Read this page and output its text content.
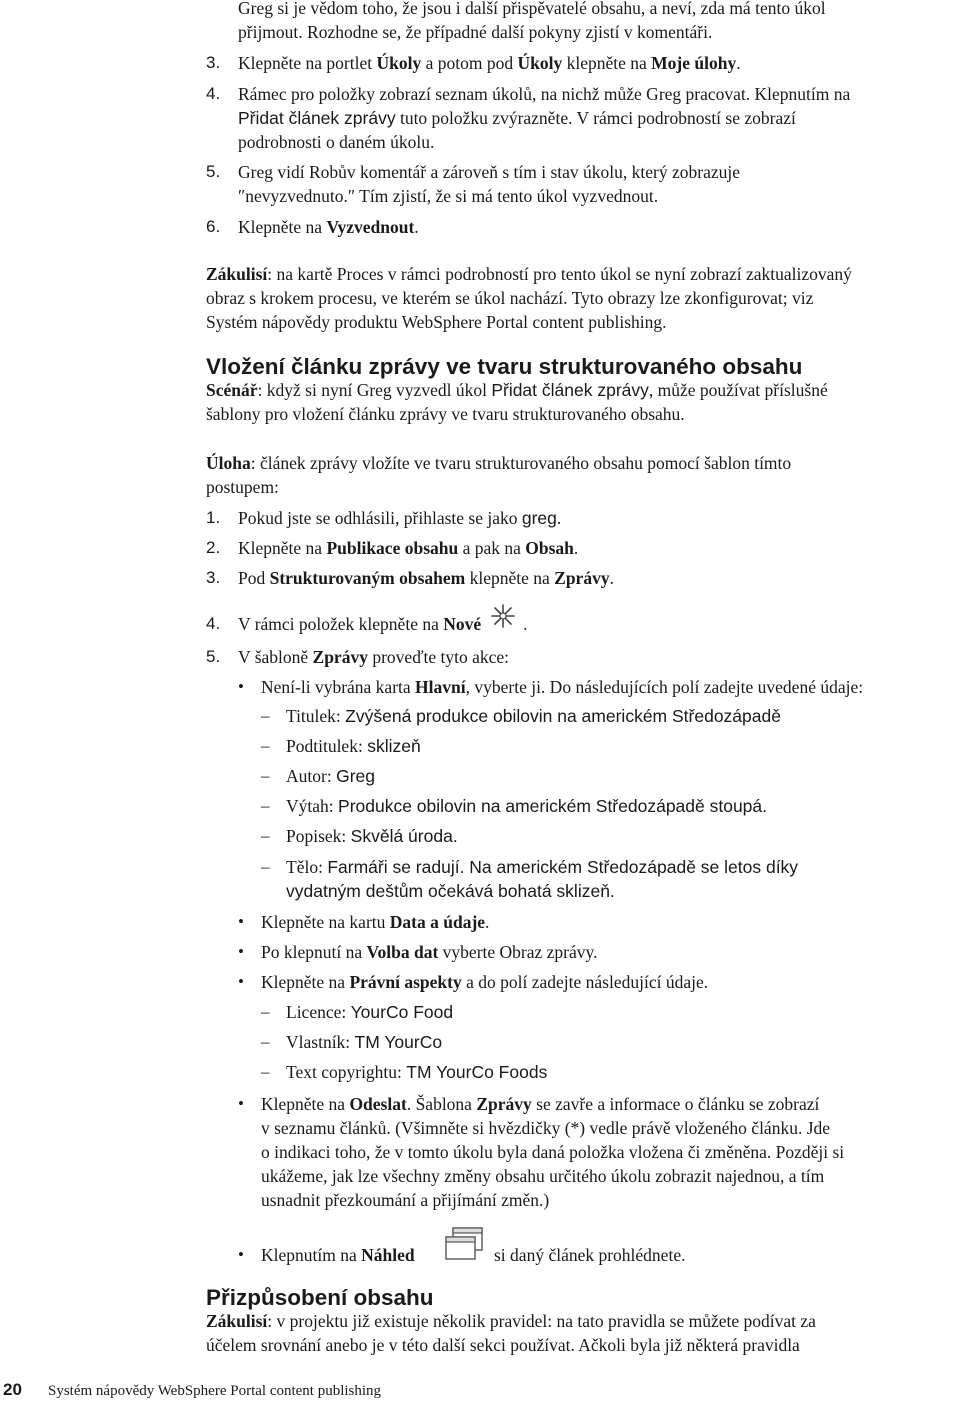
Greg si je vědom toho, že jsou i další přispěvatelé obsahu, a neví, zda má tento úkol
přijmout. Rozhodne se, že případné další pokyny zjistí v komentáři.
3. Klepněte na portlet Úkoly a potom pod Úkoly klepněte na Moje úlohy.
4. Rámec pro položky zobrazí seznam úkolů, na nichž může Greg pracovat. Klepnutím na
Přidat článek zprávy tuto položku zvýrazněte. V rámci podrobností se zobrazí
podrobnosti o daném úkolu.
5. Greg vidí Robův komentář a zároveň s tím i stav úkolu, který zobrazuje
″nevyzvednuto.″ Tím zjistí, že si má tento úkol vyzvednout.
6. Klepněte na Vyzvednout.
Zákulisí: na kartě Proces v rámci podrobností pro tento úkol se nyní zobrazí zaktualizovaný
obraz s krokem procesu, ve kterém se úkol nachází. Tyto obrazy lze zkonfigurovat; viz
Systém nápovědy produktu WebSphere Portal content publishing.
Vložení článku zprávy ve tvaru strukturovaného obsahu
Scénář: když si nyní Greg vyzvedl úkol Přidat článek zprávy, může používat příslušné
šablony pro vložení článku zprávy ve tvaru strukturovaného obsahu.
Úloha: článek zprávy vložíte ve tvaru strukturovaného obsahu pomocí šablon tímto
postupem:
1. Pokud jste se odhlásili, přihlaste se jako greg.
2. Klepněte na Publikace obsahu a pak na Obsah.
3. Pod Strukturovaným obsahem klepněte na Zprávy.
4. V rámci položek klepněte na Nové .
5. V šabloně Zprávy proveďte tyto akce:
• Není-li vybrána karta Hlavní, vyberte ji. Do následujících polí zadejte uvedené údaje:
– Titulek: Zvýšená produkce obilovin na americkém Středozápadě
– Podtitulek: sklizeň
– Autor: Greg
– Výtah: Produkce obilovin na americkém Středozápadě stoupá.
– Popisek: Skvělá úroda.
– Tělo: Farmáři se radují. Na americkém Středozápadě se letos díky
vydatným deštům očekává bohatá sklizeň.
• Klepněte na kartu Data a údaje.
• Po klepnutí na Volba dat vyberte Obraz zprávy.
• Klepněte na Právní aspekty a do polí zadejte následující údaje.
– Licence: YourCo Food
– Vlastník: TM YourCo
– Text copyrightu: TM YourCo Foods
• Klepněte na Odeslat. Šablona Zprávy se zavře a informace o článku se zobrazí
v seznamu článků. (Všimněte si hvězdičky (*) vedle právě vloženého článku. Jde
o indikaci toho, že v tomto úkolu byla daná položka vložena či změněna. Později si
ukážeme, jak lze všechny změny obsahu určitého úkolu zobrazit najednou, a tím
usnadnit přezkoumání a přijímání změn.)
• Klepnutím na Náhled	si daný článek prohlédnete.
Přizpůsobení obsahu
Zákulisí: v projektu již existuje několik pravidel: na tato pravidla se můžete podívat za
účelem srovnání anebo je v této další sekci používat. Ačkoli byla již některá pravidla
20 Systém nápovědy WebSphere Portal content publishing
